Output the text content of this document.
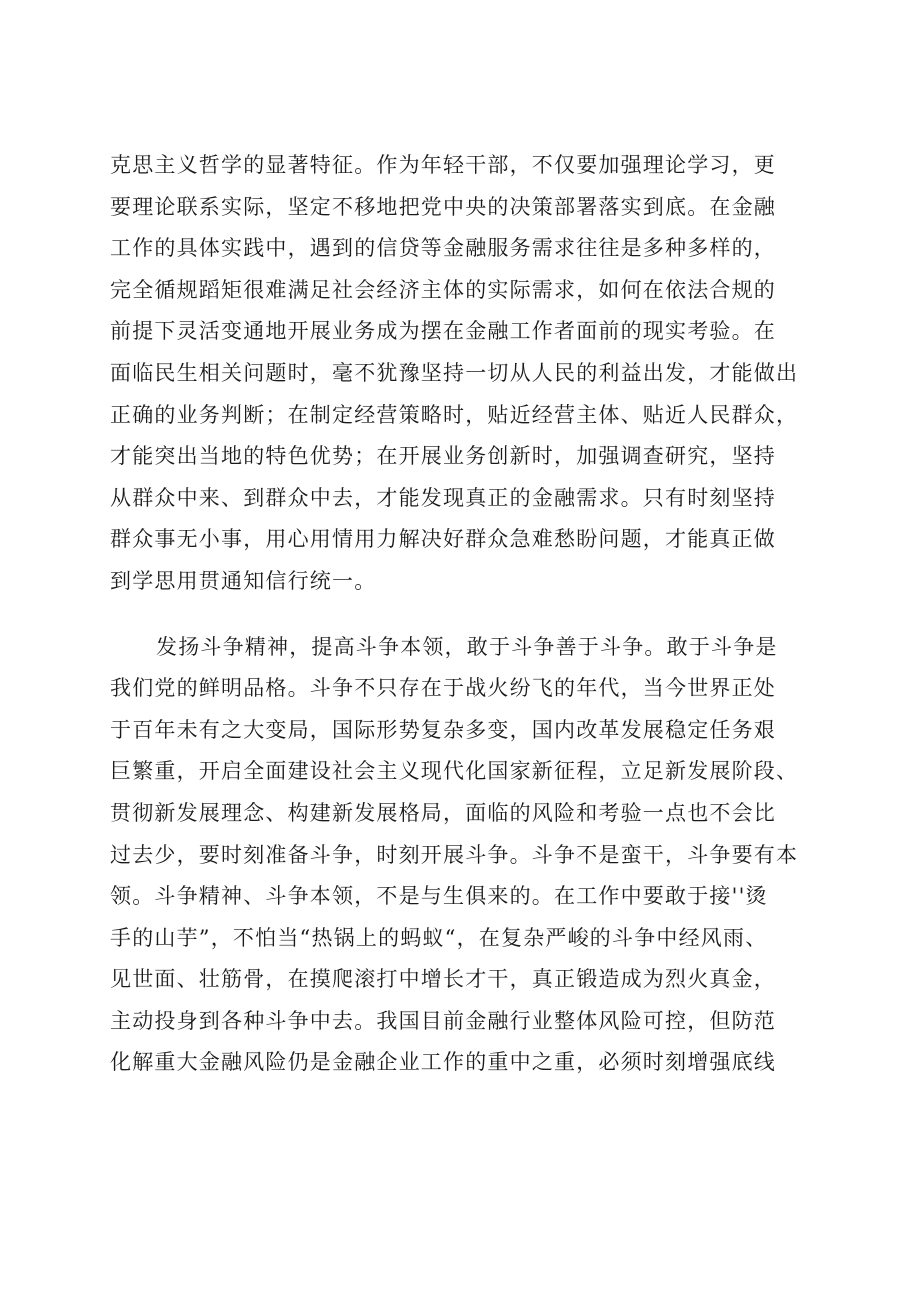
克思主义哲学的显著特征。作为年轻干部，不仅要加强理论学习，更
要理论联系实际，坚定不移地把党中央的决策部署落实到底。在金融
工作的具体实践中，遇到的信贷等金融服务需求往往是多种多样的，
完全循规蹈矩很难满足社会经济主体的实际需求，如何在依法合规的
前提下灵活变通地开展业务成为摆在金融工作者面前的现实考验。在
面临民生相关问题时，毫不犹豫坚持一切从人民的利益出发，才能做出
正确的业务判断；在制定经营策略时，贴近经营主体、贴近人民群众，
才能突出当地的特色优势；在开展业务创新时，加强调查研究，坚持
从群众中来、到群众中去，才能发现真正的金融需求。只有时刻坚持
群众事无小事，用心用情用力解决好群众急难愁盼问题，才能真正做
到学思用贯通知信行统一。
发扬斗争精神，提高斗争本领，敢于斗争善于斗争。敢于斗争是
我们党的鲜明品格。斗争不只存在于战火纷飞的年代，当今世界正处
于百年未有之大变局，国际形势复杂多变，国内改革发展稳定任务艰
巨繁重，开启全面建设社会主义现代化国家新征程，立足新发展阶段、
贯彻新发展理念、构建新发展格局，面临的风险和考验一点也不会比
过去少，要时刻准备斗争，时刻开展斗争。斗争不是蛮干，斗争要有本
领。斗争精神、斗争本领，不是与生俱来的。在工作中要敢于接''烫
手的山芋”，不怕当“热锅上的蚂蚁“，在复杂严峻的斗争中经风雨、
见世面、壮筋骨，在摸爬滚打中增长才干，真正锻造成为烈火真金，
主动投身到各种斗争中去。我国目前金融行业整体风险可控，但防范
化解重大金融风险仍是金融企业工作的重中之重，必须时刻增强底线
